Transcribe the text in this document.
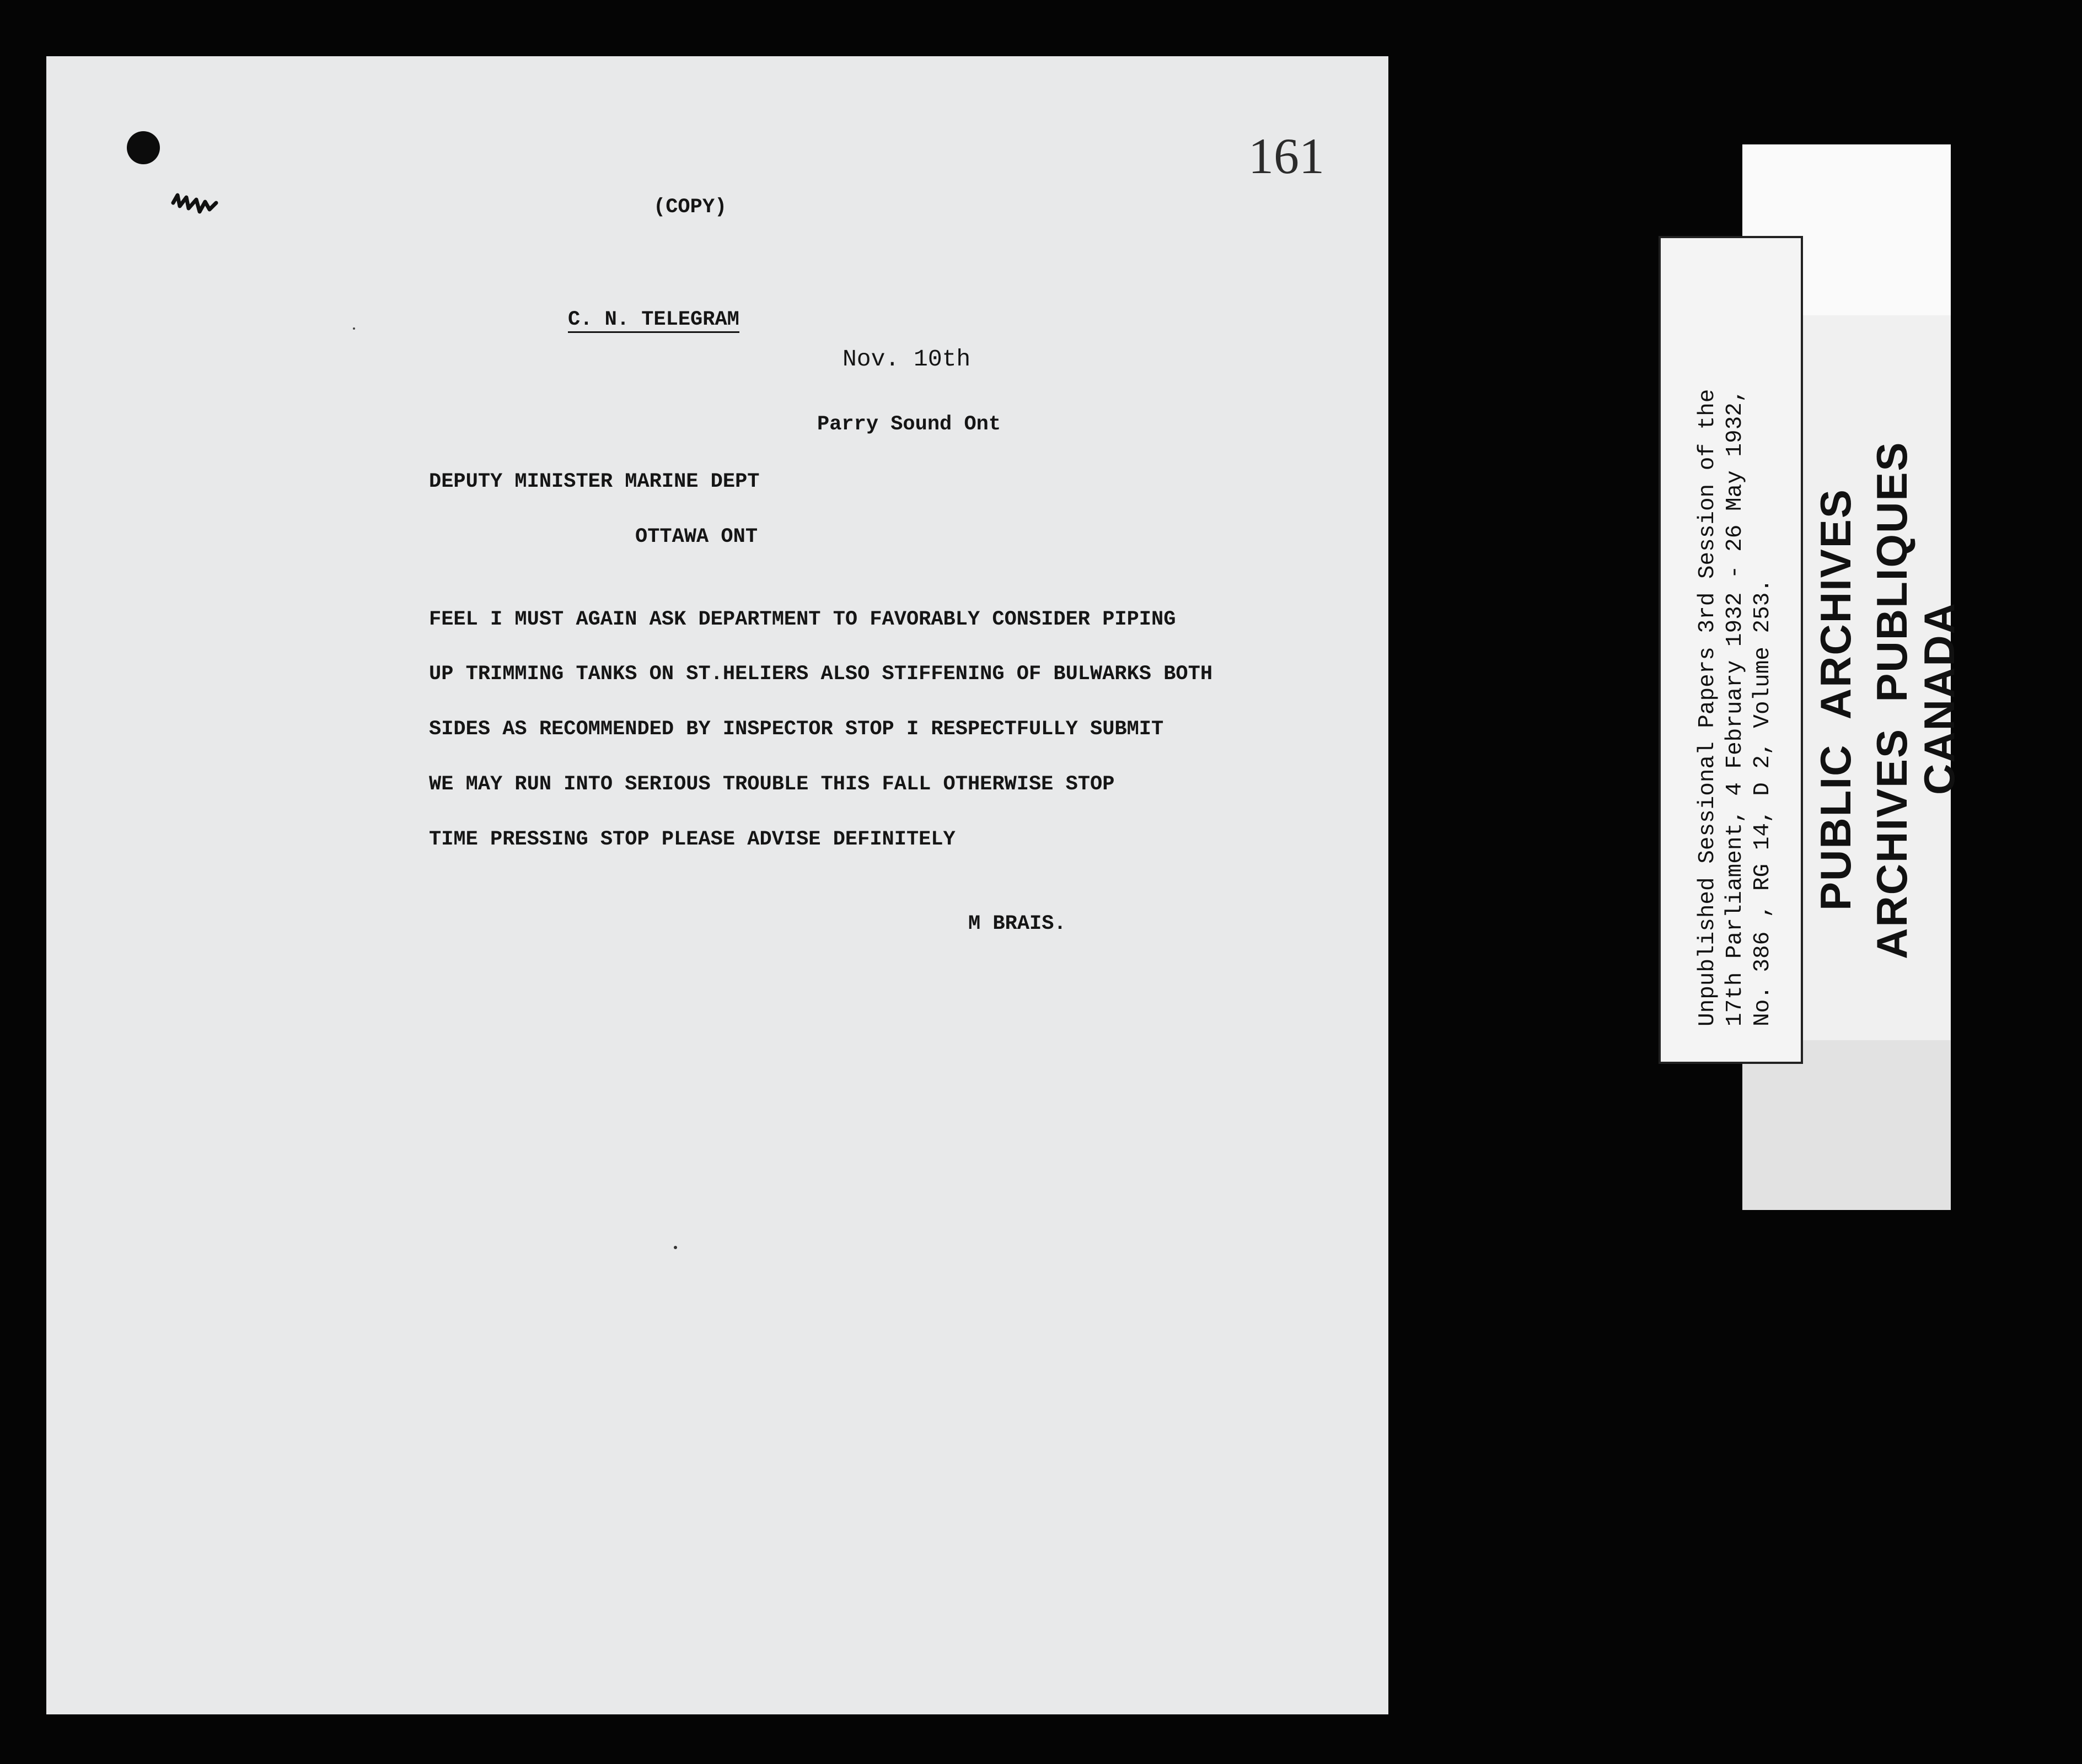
161
(COPY)
C. N. TELEGRAM
Nov. 10th
Parry Sound Ont
DEPUTY MINISTER MARINE DEPT
OTTAWA ONT
FEEL I MUST AGAIN ASK DEPARTMENT TO FAVORABLY CONSIDER PIPING
UP TRIMMING TANKS ON ST.HELIERS ALSO STIFFENING OF BULWARKS BOTH
SIDES AS RECOMMENDED BY INSPECTOR STOP I RESPECTFULLY SUBMIT
WE MAY RUN INTO SERIOUS TROUBLE THIS FALL OTHERWISE STOP
TIME PRESSING STOP PLEASE ADVISE DEFINITELY
M BRAIS.
PUBLIC  ARCHIVES ARCHIVES  PUBLIQUES
CANADA
Unpublished Sessional Papers 3rd Session of the 17th Parliament, 4 February 1932 - 26 May 1932, No. 386 , RG 14, D 2, Volume 253.
